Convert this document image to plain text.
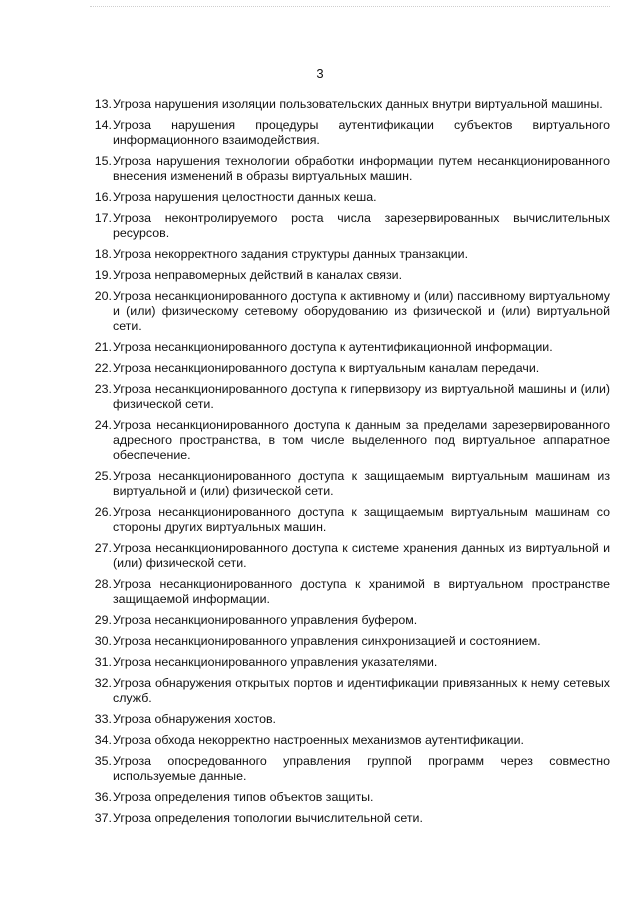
3
13. Угроза нарушения изоляции пользовательских данных внутри виртуальной машины.
14. Угроза нарушения процедуры аутентификации субъектов виртуального информационного взаимодействия.
15. Угроза нарушения технологии обработки информации путем несанкционированного внесения изменений в образы виртуальных машин.
16. Угроза нарушения целостности данных кеша.
17. Угроза неконтролируемого роста числа зарезервированных вычислительных ресурсов.
18. Угроза некорректного задания структуры данных транзакции.
19. Угроза неправомерных действий в каналах связи.
20. Угроза несанкционированного доступа к активному и (или) пассивному виртуальному и (или) физическому сетевому оборудованию из физической и (или) виртуальной сети.
21. Угроза несанкционированного доступа к аутентификационной информации.
22. Угроза несанкционированного доступа к виртуальным каналам передачи.
23. Угроза несанкционированного доступа к гипервизору из виртуальной машины и (или) физической сети.
24. Угроза несанкционированного доступа к данным за пределами зарезервированного адресного пространства, в том числе выделенного под виртуальное аппаратное обеспечение.
25. Угроза несанкционированного доступа к защищаемым виртуальным машинам из виртуальной и (или) физической сети.
26. Угроза несанкционированного доступа к защищаемым виртуальным машинам со стороны других виртуальных машин.
27. Угроза несанкционированного доступа к системе хранения данных из виртуальной и (или) физической сети.
28. Угроза несанкционированного доступа к хранимой в виртуальном пространстве защищаемой информации.
29. Угроза несанкционированного управления буфером.
30. Угроза несанкционированного управления синхронизацией и состоянием.
31. Угроза несанкционированного управления указателями.
32. Угроза обнаружения открытых портов и идентификации привязанных к нему сетевых служб.
33. Угроза обнаружения хостов.
34. Угроза обхода некорректно настроенных механизмов аутентификации.
35. Угроза опосредованного управления группой программ через совместно используемые данные.
36. Угроза определения типов объектов защиты.
37. Угроза определения топологии вычислительной сети.
